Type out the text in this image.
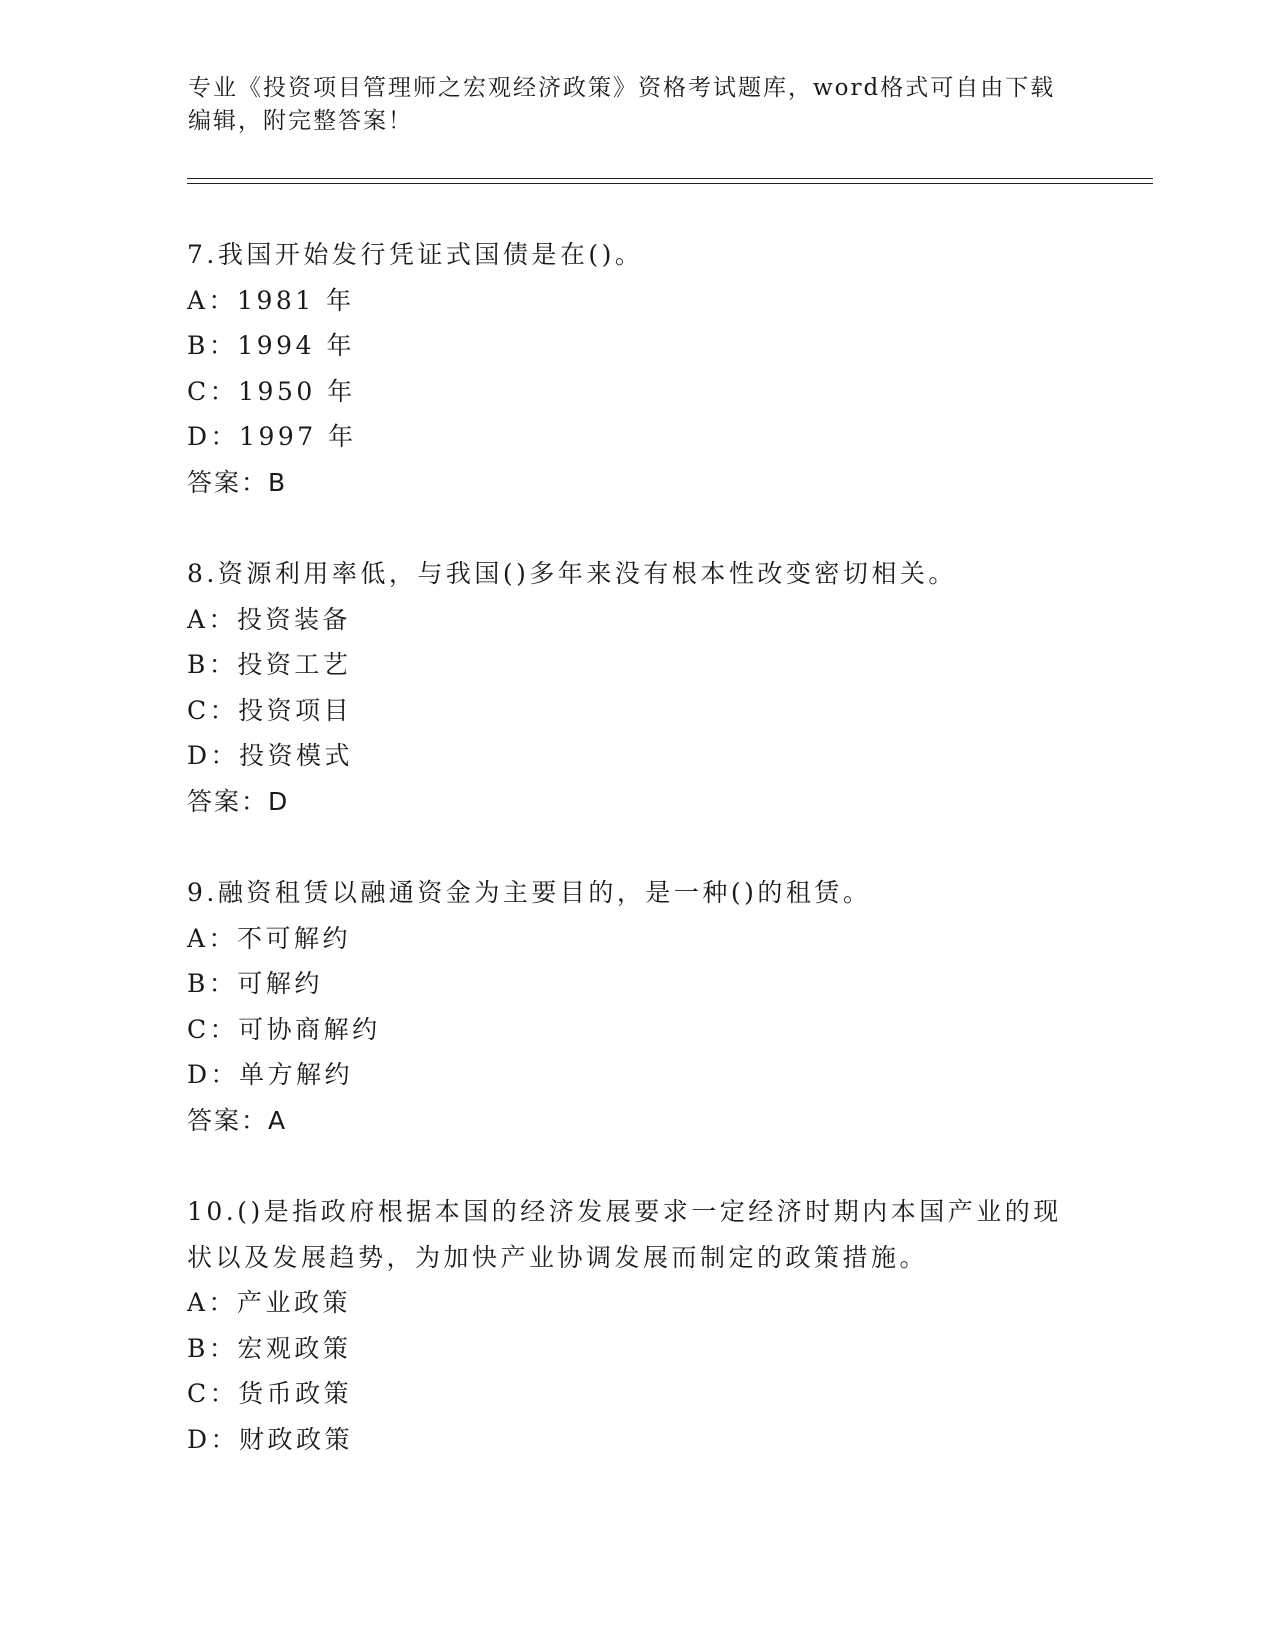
专业《投资项目管理师之宏观经济政策》资格考试题库，word格式可自由下载编辑，附完整答案！
7.我国开始发行凭证式国债是在()。
A：1981 年
B：1994 年
C：1950 年
D：1997 年
答案：B
8.资源利用率低，与我国()多年来没有根本性改变密切相关。
A：投资装备
B：投资工艺
C：投资项目
D：投资模式
答案：D
9.融资租赁以融通资金为主要目的，是一种()的租赁。
A：不可解约
B：可解约
C：可协商解约
D：单方解约
答案：A
10.()是指政府根据本国的经济发展要求一定经济时期内本国产业的现状以及发展趋势，为加快产业协调发展而制定的政策措施。
A：产业政策
B：宏观政策
C：货币政策
D：财政政策
